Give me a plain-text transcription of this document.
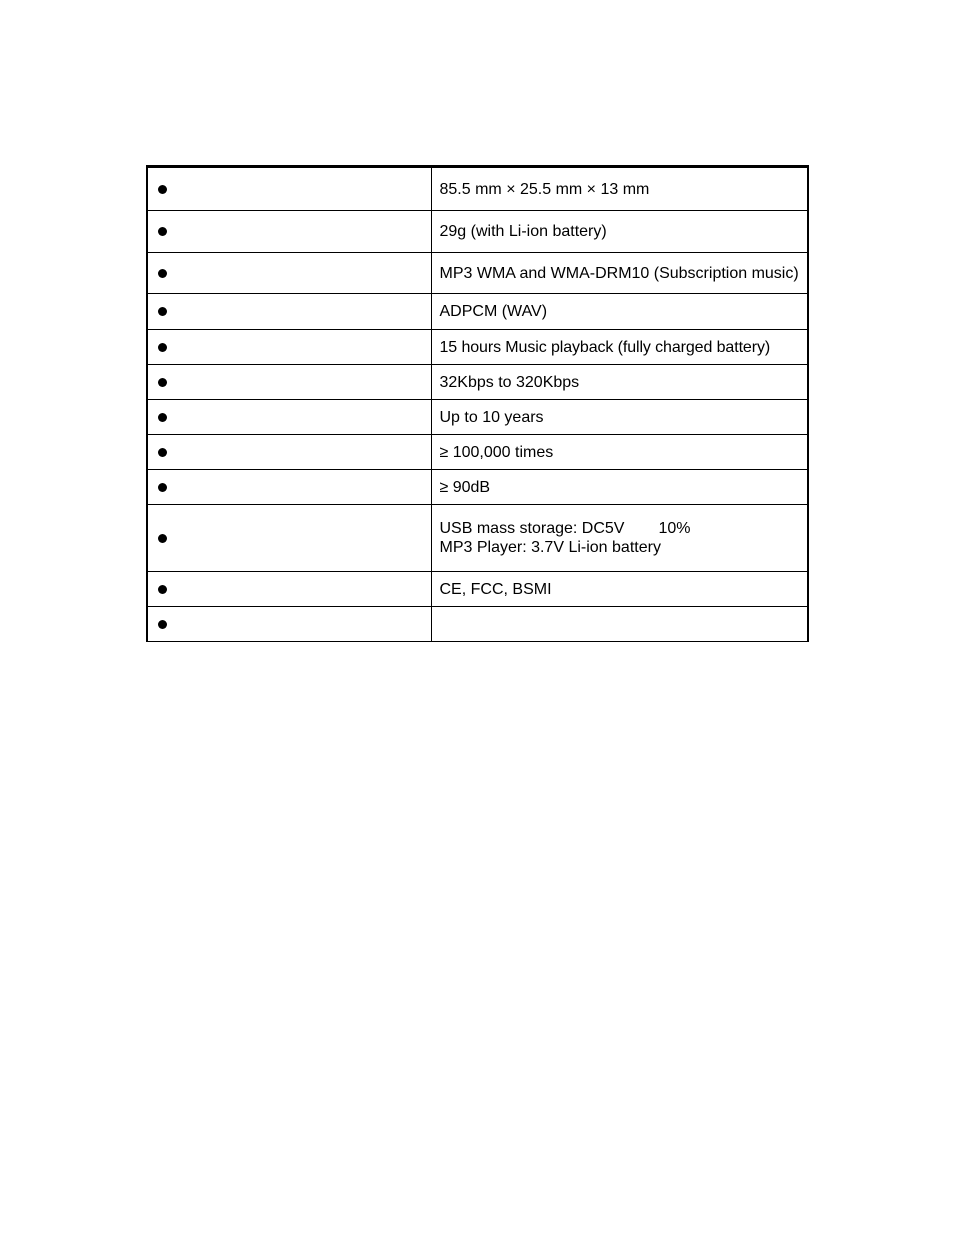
	85.5 mm × 25.5 mm × 13 mm
	29g (with Li-ion battery)
	MP3 WMA and WMA-DRM10 (Subscription music)
	ADPCM (WAV)
	15 hours Music playback (fully charged battery)
	32Kbps to 320Kbps
	Up to 10 years
	≥ 100,000 times
	≥ 90dB

	USB mass storage: DC5V 10%
MP3 Player: 3.7V Li-ion battery

	CE, FCC, BSMI
